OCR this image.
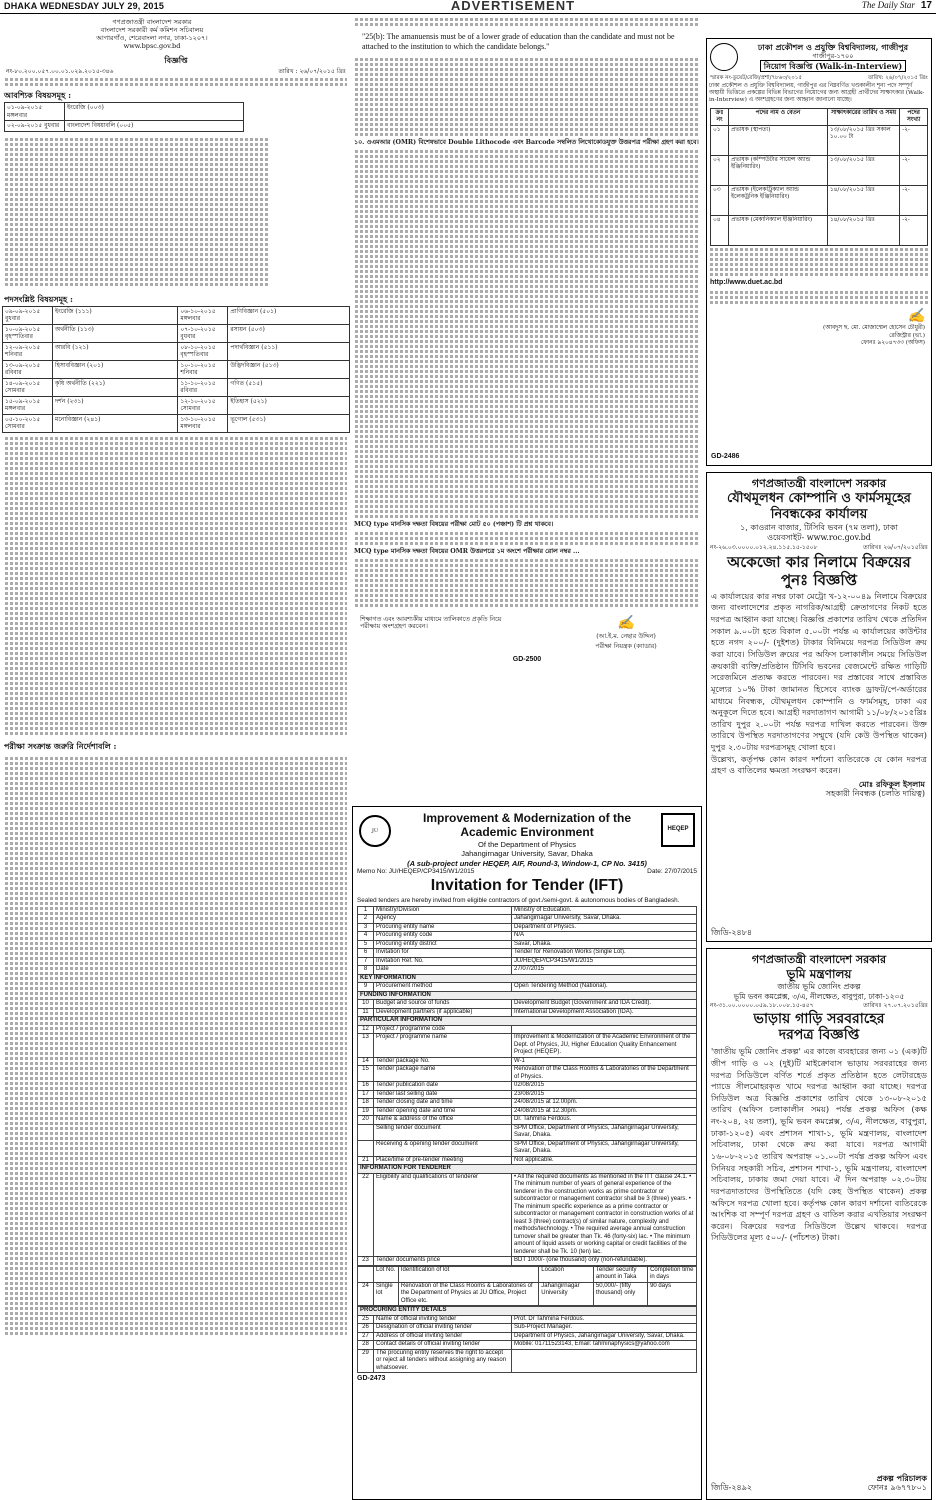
DHAKA WEDNESDAY JULY 29, 2015	ADVERTISEMENT	The Daily Star 17
গণপ্রজাতন্ত্রী বাংলাদেশ সরকার
বাংলাদেশ সরকারী কর্ম কমিশন সচিবালয়
আগারগাঁও, শেরেবাংলা নগর, ঢাকা-১২০৭।
www.bpsc.gov.bd
বিজ্ঞপ্তি
নং-৮০.২০০.০৫৭.০০.০১.০২৯.২০১৫-৩৪৬	তারিখ : ২৬/০৭/২০১৫ খ্রিঃ
আবশ্যিক বিষয়সমূহ :
০১-০৯-২০১৫ মঙ্গলবার	ইংরেজি (০০৩)
০২-০৯-২০১৫ বুধবার	বাংলাদেশ বিষয়াবলি (০০৫)
পদসংশ্লিষ্ট বিষয়সমূহ :
০৯-০৯-২০১৫ বুধবার	ইংরেজি (১১১)	০৬-১০-২০১৫ মঙ্গলবার	প্রাণিবিজ্ঞান (৫০১)
১০-০৯-২০১৫ বৃহস্পতিবার	অর্থনীতি (১১৩)	০৭-১০-২০১৫ বুধবার	রসায়ন (৫০৩)
১২-০৯-২০১৫ শনিবার	আরবি (১২১)	০৮-১০-২০১৫ বৃহস্পতিবার	পদার্থবিজ্ঞান (৫১১)
১৩-০৯-২০১৫ রবিবার	হিসাববিজ্ঞান (২০১)	১০-১০-২০১৫ শনিবার	উদ্ভিদবিজ্ঞান (৫১৩)
১৪-০৯-২০১৫ সোমবার	কৃষি অর্থনীতি (২২১)	১১-১০-২০১৫ রবিবার	গণিত (৫১৫)
১৫-০৯-২০১৫ মঙ্গলবার	দর্শন (২৩১)	১২-১০-২০১৫ সোমবার	ইতিহাস (৫২১)
০৫-১০-২০১৫ সোমবার	মনোবিজ্ঞান (২৪১)	১৩-১০-২০১৫ মঙ্গলবার	ভূগোল (৫৩১)
পরীক্ষা সংক্রান্ত জরুরি নির্দেশাবলি :
"25(b): The amanuensis must be of a lower grade of education than the candidate and must not be attached to the institution to which the candidate belongs."
১০. ওএমআর (OMR) বিশেষভাবে Double Lithocode এবং Barcode সম্বলিত লিথোকোডযুক্ত উত্তরপত্র পরীক্ষা গ্রহণ করা হবে।
MCQ type মানসিক দক্ষতা বিষয়ের পরীক্ষা মোট ৫০ (পঞ্চাশ) টি প্রশ্ন থাকবে।
MCQ type মানসিক দক্ষতা বিষয়ের OMR উত্তরপত্রে ১ম অংশে পরীক্ষার রোল নম্বর ...
শিক্ষাগত এবং আবশ্যকীয় মাধ্যমে তালিকাতে প্রকৃতি নিয়ে পরীক্ষায় অংশগ্রহণ করবেন।	✍
(আ.ই.ম. নেছার উদ্দিন)
পরীক্ষা নিয়ন্ত্রক (ক্যাডার)
GD-2500
JU	HEQEP
Improvement & Modernization of the Academic Environment
Of the Department of Physics
Jahangirnagar University, Savar, Dhaka
(A sub-project under HEQEP, AIF, Round-3, Window-1, CP No. 3415)
Memo No: JU/HEQEP/CP3415/W1/2015	Date: 27/07/2015
Invitation for Tender (IFT)
Sealed tenders are hereby invited from eligible contractors of govt./semi-govt. & autonomous bodies of Bangladesh.
1	Ministry/Division	Ministry of Education.
2	Agency	Jahangirnagar University, Savar, Dhaka.
3	Procuring entity name	Department of Physics.
4	Procuring entity code	N/A
5	Procuring entity district	Savar, Dhaka.
6	Invitation for	Tender for Renovation Works (Single Lot).
7	Invitation Ref. No.	JU/HEQEP/CP3415/W1/2015
8	Date	27/07/2015
KEY INFORMATION		
9	Procurement method	Open Tendering Method (National).
FUNDING INFORMATION		
10	Budget and source of funds	Development Budget (Government and IDA Credit).
11	Development partners (if applicable)	International Development Association (IDA).
PARTICULAR INFORMATION		
12	Project / programme code	
13	Project / programme name	Improvement & Modernization of the Academic Environment of the Dept. of Physics, JU, Higher Education Quality Enhancement Project (HEQEP).
14	Tender package No.	W-1
15	Tender package name	Renovation of the Class Rooms & Laboratories of the Department of Physics.
16	Tender publication date	02/08/2015
17	Tender last selling date	23/08/2015
18	Tender closing date and time	24/08/2015 at 12.00pm.
19	Tender opening date and time	24/08/2015 at 12.30pm.
20	Name & address of the office	Dr. Tahmina Ferdous.
	Selling tender document	SPM Office, Department of Physics, Jahangirnagar University, Savar, Dhaka.
	Receiving & opening tender document	SPM Office, Department of Physics, Jahangirnagar University, Savar, Dhaka.
21	Place/time of pre-tender meeting	Not applicable.
INFORMATION FOR TENDERER		
22	Eligibility and qualifications of tenderer	• All the required documents as mentioned in the ITT clause 24.1. • The minimum number of years of general experience of the tenderer in the construction works as prime contractor or subcontractor or management contractor shall be 3 (three) years. • The minimum specific experience as a prime contractor or subcontractor or management contractor in construction works of at least 3 (three) contract(s) of similar nature, complexity and methods/technology. • The required average annual construction turnover shall be greater than Tk. 46 (forty-six) lac. • The minimum amount of liquid assets or working capital or credit facilities of the tenderer shall be Tk. 10 (ten) lac.
23	Tender documents price	BDT 1000/- (one thousand) only (non-refundable).
	Lot No.	Identification of lot	Location	Tender security amount in Taka	Completion time in days
24	Single lot	Renovation of the Class Rooms & Laboratories of the Department of Physics at JU Office, Project Office etc.	Jahangirnagar University	50,000/- (fifty thousand) only	90 days
PROCURING ENTITY DETAILS		
25	Name of official inviting tender	Prof. Dr Tahmina Ferdous.
26	Designation of official inviting tender	Sub-Project Manager.
27	Address of official inviting tender	Department of Physics, Jahangirnagar University, Savar, Dhaka.
28	Contact details of official inviting tender	Mobile: 01711523143, Email: tahminaphysics@yahoo.com
29	The procuring entity reserves the right to accept or reject all tenders without assigning any reason whatsoever.	
GD-2473
ঢাকা প্রকৌশল ও প্রযুক্তি বিশ্ববিদ্যালয়, গাজীপুর
গাজীপুর-১৭০০
নিয়োগ বিজ্ঞপ্তি (Walk-in-Interview)
স্মারক নং-ডুয়েট/রেজি/প্রশা/৭৮৬৩/২০১৫	তারিখ: ২৬/০৭/২০১৫ খ্রিঃ
ঢাকা প্রকৌশল ও প্রযুক্তি বিশ্ববিদ্যালয়, গাজীপুর এর নিম্নবর্ণিত খণ্ডকালীন শূন্য পদে সম্পূর্ণ অস্থায়ী ভিত্তিতে প্রকল্পের বিভিন্ন বিভাগের নিয়োগের জন্য আগ্রহী প্রার্থীদের সাক্ষাৎকার (Walk-in-Interview) এ অংশগ্রহণের জন্য আহ্বান জানানো যাচ্ছে।
ক্রঃ নং	পদের নাম ও বেতন	সাক্ষাৎকারের তারিখ ও সময়	পদের সংখ্যা
০১	প্রভাষক (স্থাপত্য)	১৩/০৮/২০১৫ খ্রিঃ সকাল ১০.০০ টা	-২-
০২	প্রভাষক (কম্পিউটার সায়েন্স অ্যান্ড ইঞ্জিনিয়ারিং)	১৩/০৮/২০১৫ খ্রিঃ	-২-
০৩	প্রভাষক (ইলেকট্রিক্যাল অ্যান্ড ইলেকট্রনিক ইঞ্জিনিয়ারিং)	১৪/০৮/২০১৫ খ্রিঃ	-২-
০৪	প্রভাষক (মেকানিক্যাল ইঞ্জিনিয়ারিং)	১৪/০৮/২০১৫ খ্রিঃ	-২-
http://www.duet.ac.bd
✍
(আবদুস ছ. মো. মোজাম্মেল হোসেন চৌধুরী)
রেজিস্ট্রার (ভা.)
ফোনঃ ৯২০৪৭৩৩ (অফিস)
GD-2486
গণপ্রজাতন্ত্রী বাংলাদেশ সরকার
যৌথমূলধন কোম্পানি ও ফার্মসমূহের নিবন্ধকের কার্যালয়
১, কাওরান বাজার, টিসিবি ভবন (৭ম তলা), ঢাকা
ওয়েবসাইট- www.roc.gov.bd
নং-২৬.০৩.০০০০.০১২.২৪.১১৫.১৫-১৫০৮	তারিখঃ ২৬/০৭/২০১৫খ্রিঃ
অকেজো কার নিলামে বিক্রয়ের
পুনঃ বিজ্ঞপ্তি
এ কার্যালয়ের কার নম্বর ঢাকা মেট্রো খ-১২-০০৪৯ নিলামে বিক্রয়ের জন্য বাংলাদেশের প্রকৃত নাগরিক/আগ্রহী ক্রেতাগণের নিকট হতে দরপত্র আহ্বান করা যাচ্ছে। বিজ্ঞপ্তি প্রকাশের তারিখ থেকে প্রতিদিন সকাল ৯.০০টা হতে বিকাল ৫.০০টা পর্যন্ত এ কার্যালয়ের কাউন্টার হতে নগদ ২০০/- (দুইশত) টাকার বিনিময়ে দরপত্র সিডিউল ক্রয় করা যাবে। সিডিউল ক্রয়ের পর অফিস চলাকালীন সময়ে সিডিউল ক্রয়কারী ব্যক্তি/প্রতিষ্ঠান টিসিবি ভবনের বেজমেন্টে রক্ষিত গাড়িটি সরেজমিনে প্রত্যক্ষ করতে পারবেন। দর প্রস্তাবের সাথে প্রস্তাবিত মূল্যের ১০% টাকা জামানত হিসেবে ব্যাংক ড্রাফট/পে-অর্ডারের মাধ্যমে নিবন্ধক, যৌথমূলধন কোম্পানি ও ফার্মসমূহ, ঢাকা এর অনুকূলে দিতে হবে। আগ্রহী দরদাতাগণ আগামী ১১/০৮/২০১৫খ্রিঃ তারিখ দুপুর ২.০০টা পর্যন্ত দরপত্র দাখিল করতে পারবেন। উক্ত তারিখে উপস্থিত দরদাতাগণের সম্মুখে (যদি কেউ উপস্থিত থাকেন) দুপুর ২.৩০টায় দরপত্রসমূহ খোলা হবে।
উল্লেখ্য, কর্তৃপক্ষ কোন কারণ দর্শানো ব্যতিরেকে যে কোন দরপত্র গ্রহণ ও বাতিলের ক্ষমতা সংরক্ষণ করেন।
মোঃ রফিকুল ইসলাম
সহকারী নিবন্ধক (চলতি দায়িত্ব)
জিডি-২৪৮৪
গণপ্রজাতন্ত্রী বাংলাদেশ সরকার
ভূমি মন্ত্রণালয়
জাতীয় ভূমি জোনিং প্রকল্প
ভূমি ভবন কমপ্লেক্স, ৩/এ, নীলক্ষেত, বাবুপুরা, ঢাকা-১২০৫
নং-৩১.০০.০০০০.০৫৯.১৮.০০৮.১৫-৪৫৭	তারিখঃ ২৭.০৭.২০১৫খ্রিঃ
ভাড়ায় গাড়ি সরবরাহের
দরপত্র বিজ্ঞপ্তি
'জাতীয় ভূমি জোনিং প্রকল্প' এর কাজে ব্যবহারের জন্য ০১ (এক)টি জীপ গাড়ি ও ০২ (দুই)টি মাইক্রোবাস ভাড়ায় সরবরাহের জন্য দরপত্র সিডিউলে বর্ণিত শর্তে প্রকৃত প্রতিষ্ঠান হতে লেটারহেড প্যাডে সীলমোহরকৃত খামে দরপত্র আহ্বান করা যাচ্ছে। দরপত্র সিডিউল অত্র বিজ্ঞপ্তি প্রকাশের তারিখ থেকে ১৩-০৮-২০১৫ তারিখ (অফিস চলাকালীন সময়) পর্যন্ত প্রকল্প অফিস (কক্ষ নং-২০৪, ২য় তলা), ভূমি ভবন কমপ্লেক্স, ৩/এ, নীলক্ষেত, বাবুপুরা, ঢাকা-১২০৫) এবং প্রশাসন শাখা-১, ভূমি মন্ত্রণালয়, বাংলাদেশ সচিবালয়, ঢাকা থেকে ক্রয় করা যাবে। দরপত্র আগামী ১৬-০৮-২০১৫ তারিখ অপরাহ্ন ০১.০০টা পর্যন্ত প্রকল্প অফিস এবং সিনিয়র সহকারী সচিব, প্রশাসন শাখা-১, ভূমি মন্ত্রণালয়, বাংলাদেশ সচিবালয়, ঢাকায় জমা দেয়া যাবে। ঐ দিন অপরাহ্ন ০২.৩০টায় দরপত্রদাতাদের উপস্থিতিতে (যদি কেহ উপস্থিত থাকেন) প্রকল্প অফিসে দরপত্র খোলা হবে। কর্তৃপক্ষ কোন কারণ দর্শানো ব্যতিরেকে আংশিক বা সম্পূর্ণ দরপত্র গ্রহণ ও বাতিল করার এখতিয়ার সংরক্ষণ করেন। বিক্রয়ের দরপত্র সিডিউলে উল্লেখ থাকবে। দরপত্র সিডিউলের মূল্য ৫০০/- (পাঁচশত) টাকা।
জিডি-২৪৯২
প্রকল্প পরিচালক
ফোনঃ ৯৬৭৭৮০১
